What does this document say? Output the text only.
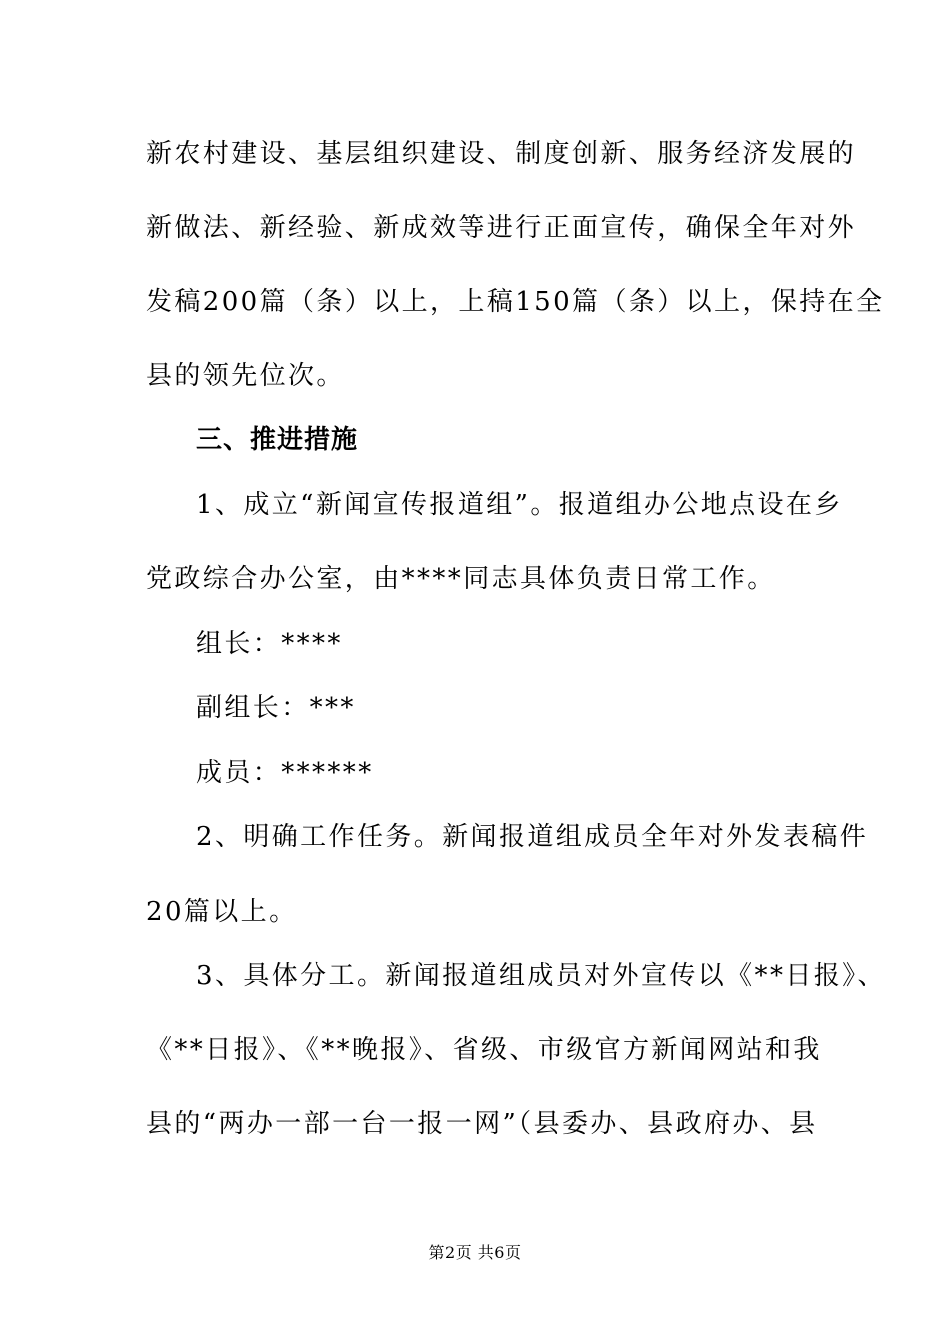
新农村建设、基层组织建设、制度创新、服务经济发展的
新做法、新经验、新成效等进行正面宣传，确保全年对外
发稿200篇（条）以上，上稿150篇（条）以上，保持在全
县的领先位次。
三、推进措施
1、成立“新闻宣传报道组”。报道组办公地点设在乡
党政综合办公室，由****同志具体负责日常工作。
组长：****
副组长：***
成员：******
2、明确工作任务。新闻报道组成员全年对外发表稿件
20篇以上。
3、具体分工。新闻报道组成员对外宣传以《**日报》、
《**日报》、《**晚报》、省级、市级官方新闻网站和我
县的“两办一部一台一报一网”（县委办、县政府办、县
第2页 共6页
